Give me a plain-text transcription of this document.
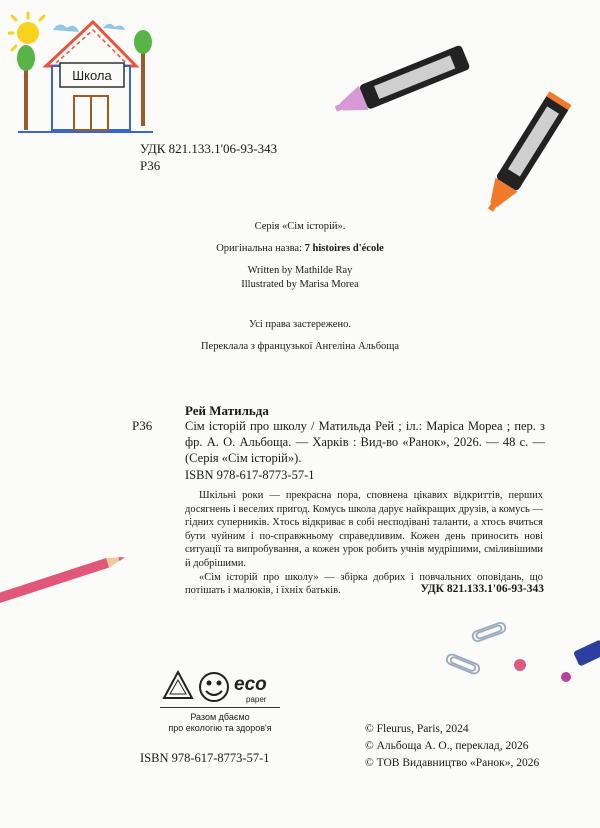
Школа
УДК 821.133.1'06-93-343
Р36
Серія «Сім історій».
Оригінальна назва: 7 histoires d'école
Written by Mathilde Ray
Illustrated by Marisa Morea
Усі права застережено.
Переклала з французької Ангеліна Альбоща
Рей Матильда
Р36	Сім історій про школу / Матильда Рей ; іл.: Маріса Мореа ; пер. з фр. А. О. Альбоща. — Харків : Вид-во «Ранок», 2026. — 48 с. — (Серія «Сім історій»).
ISBN 978-617-8773-57-1

Шкільні роки — прекрасна пора, сповнена цікавих відкриттів, перших досягнень і веселих пригод. Комусь школа дарує найкращих друзів, а комусь — гідних суперників. Хтось відкриває в собі несподівані таланти, а хтось вчиться бути чуйним і по-справжньому справедливим. Кожен день приносить нові ситуації та випробування, а кожен урок робить учнів мудрішими, сміливішими й добрішими.

«Сім історій про школу» — збірка добрих і повчальних оповідань, що потішать і малюків, і їхніх батьків.	УДК 821.133.1'06-93-343
eco
paper
Разом дбаємо
про екологію та здоров'я
ISBN 978-617-8773-57-1
© Fleurus, Paris, 2024
© Альбоща А. О., переклад, 2026
© ТОВ Видавництво «Ранок», 2026
